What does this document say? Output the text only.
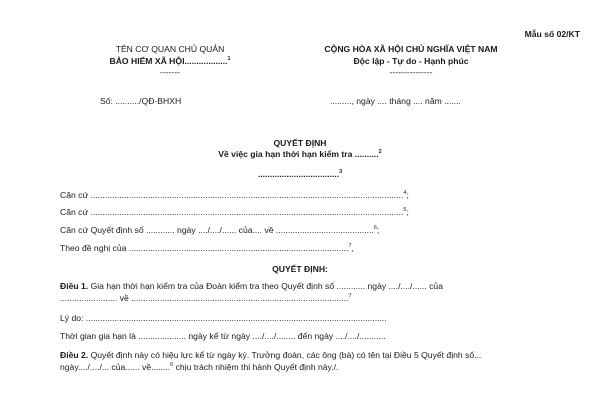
Mẫu số 02/KT
TÊN CƠ QUAN CHỦ QUẢN
BẢO HIỂM XÃ HỘI..................$^1$
-------
Số: ........../QĐ-BHXH
CỘNG HÒA XÃ HỘI CHỦ NGHĨA VIỆT NAM
Độc lập - Tự do - Hạnh phúc
---------------
........., ngày .... tháng .... năm .......
QUYẾT ĐỊNH
Về việc gia hạn thời hạn kiểm tra ..........$^2$
..................................$^3$
Căn cứ ...................................................................................................................................$^4$;
Căn cứ ...................................................................................................................................$^5$;
Căn cứ Quyết định số ............ ngày ..../..../...... của.... về .........................................$^6$;
Theo đề nghị của ............................................................................................$^7$,
QUYẾT ĐỊNH:
Điều 1. Gia hạn thời hạn kiểm tra của Đoàn kiểm tra theo Quyết định số ............ ngày ..../..../...... của
........................ về ...........................................................................................$^7$
Lý do: ..............................................................................................................................
Thời gian gia hạn là .................... ngày kể từ ngày ..../..../........ đến ngày ..../..../...........
Điều 2. Quyết định này có hiệu lực kể từ ngày ký. Trưởng đoàn, các ông (bà) có tên tại Điều 5 Quyết định số...
ngày..../..../... của...... về........$^6$ chịu trách nhiệm thi hành Quyết định này./.
